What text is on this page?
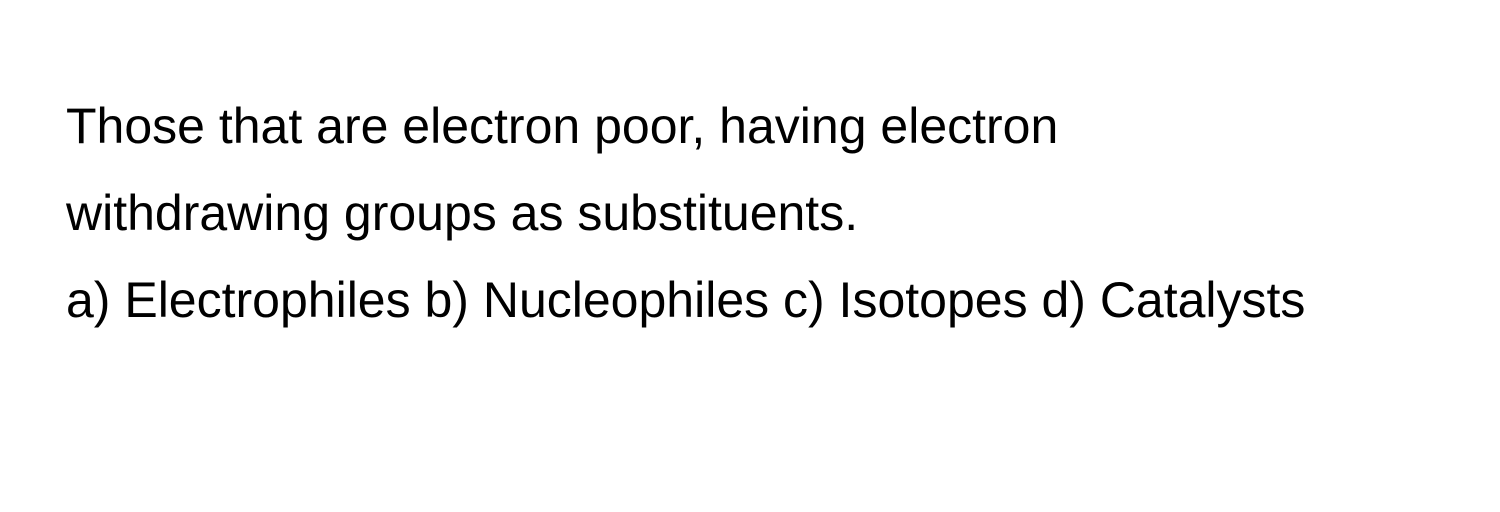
Those that are electron poor, having electron withdrawing groups as substituents.

a) Electrophiles b) Nucleophiles c) Isotopes d) Catalysts
